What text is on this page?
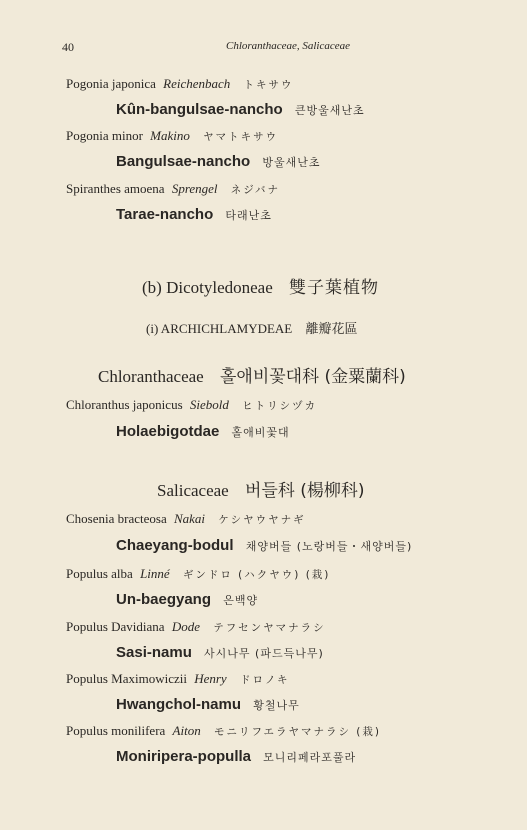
40	Chloranthaceae, Salicaceae
Pogonia japonica Reichenbach トキサウ
Kûn-bangulsae-nancho 큰방울새난초
Pogonia minor Makino ヤマトキサウ
Bangulsae-nancho 방울새난초
Spiranthes amoena Sprengel ネジバナ
Tarae-nancho 타래난초
(b) Dicotyledoneae 雙子葉植物
(i) ARCHICHLAMYDEAE 離瓣花區
Chloranthaceae 홀애비꽃대科 (金粟蘭科)
Chloranthus japonicus Siebold ヒトリシヅカ
Holaebigotdae 홀애비꽃대
Salicaceae 버들科 (楊柳科)
Chosenia bracteosa Nakai ケシヤウヤナギ
Chaeyang-bodul 채양버들 (노랑버들・새양버들)
Populus alba Linné ギンドロ (ハクヤウ) (栽)
Un-baegyang 은백양
Populus Davidiana Dode テフセンヤマナラシ
Sasi-namu 사시나무 (파드득나무)
Populus Maximowiczii Henry ドロノキ
Hwangchol-namu 황철나무
Populus monilifera Aiton モニリフエラヤマナラシ (栽)
Moniripera-populla 모니리페라포풀라
